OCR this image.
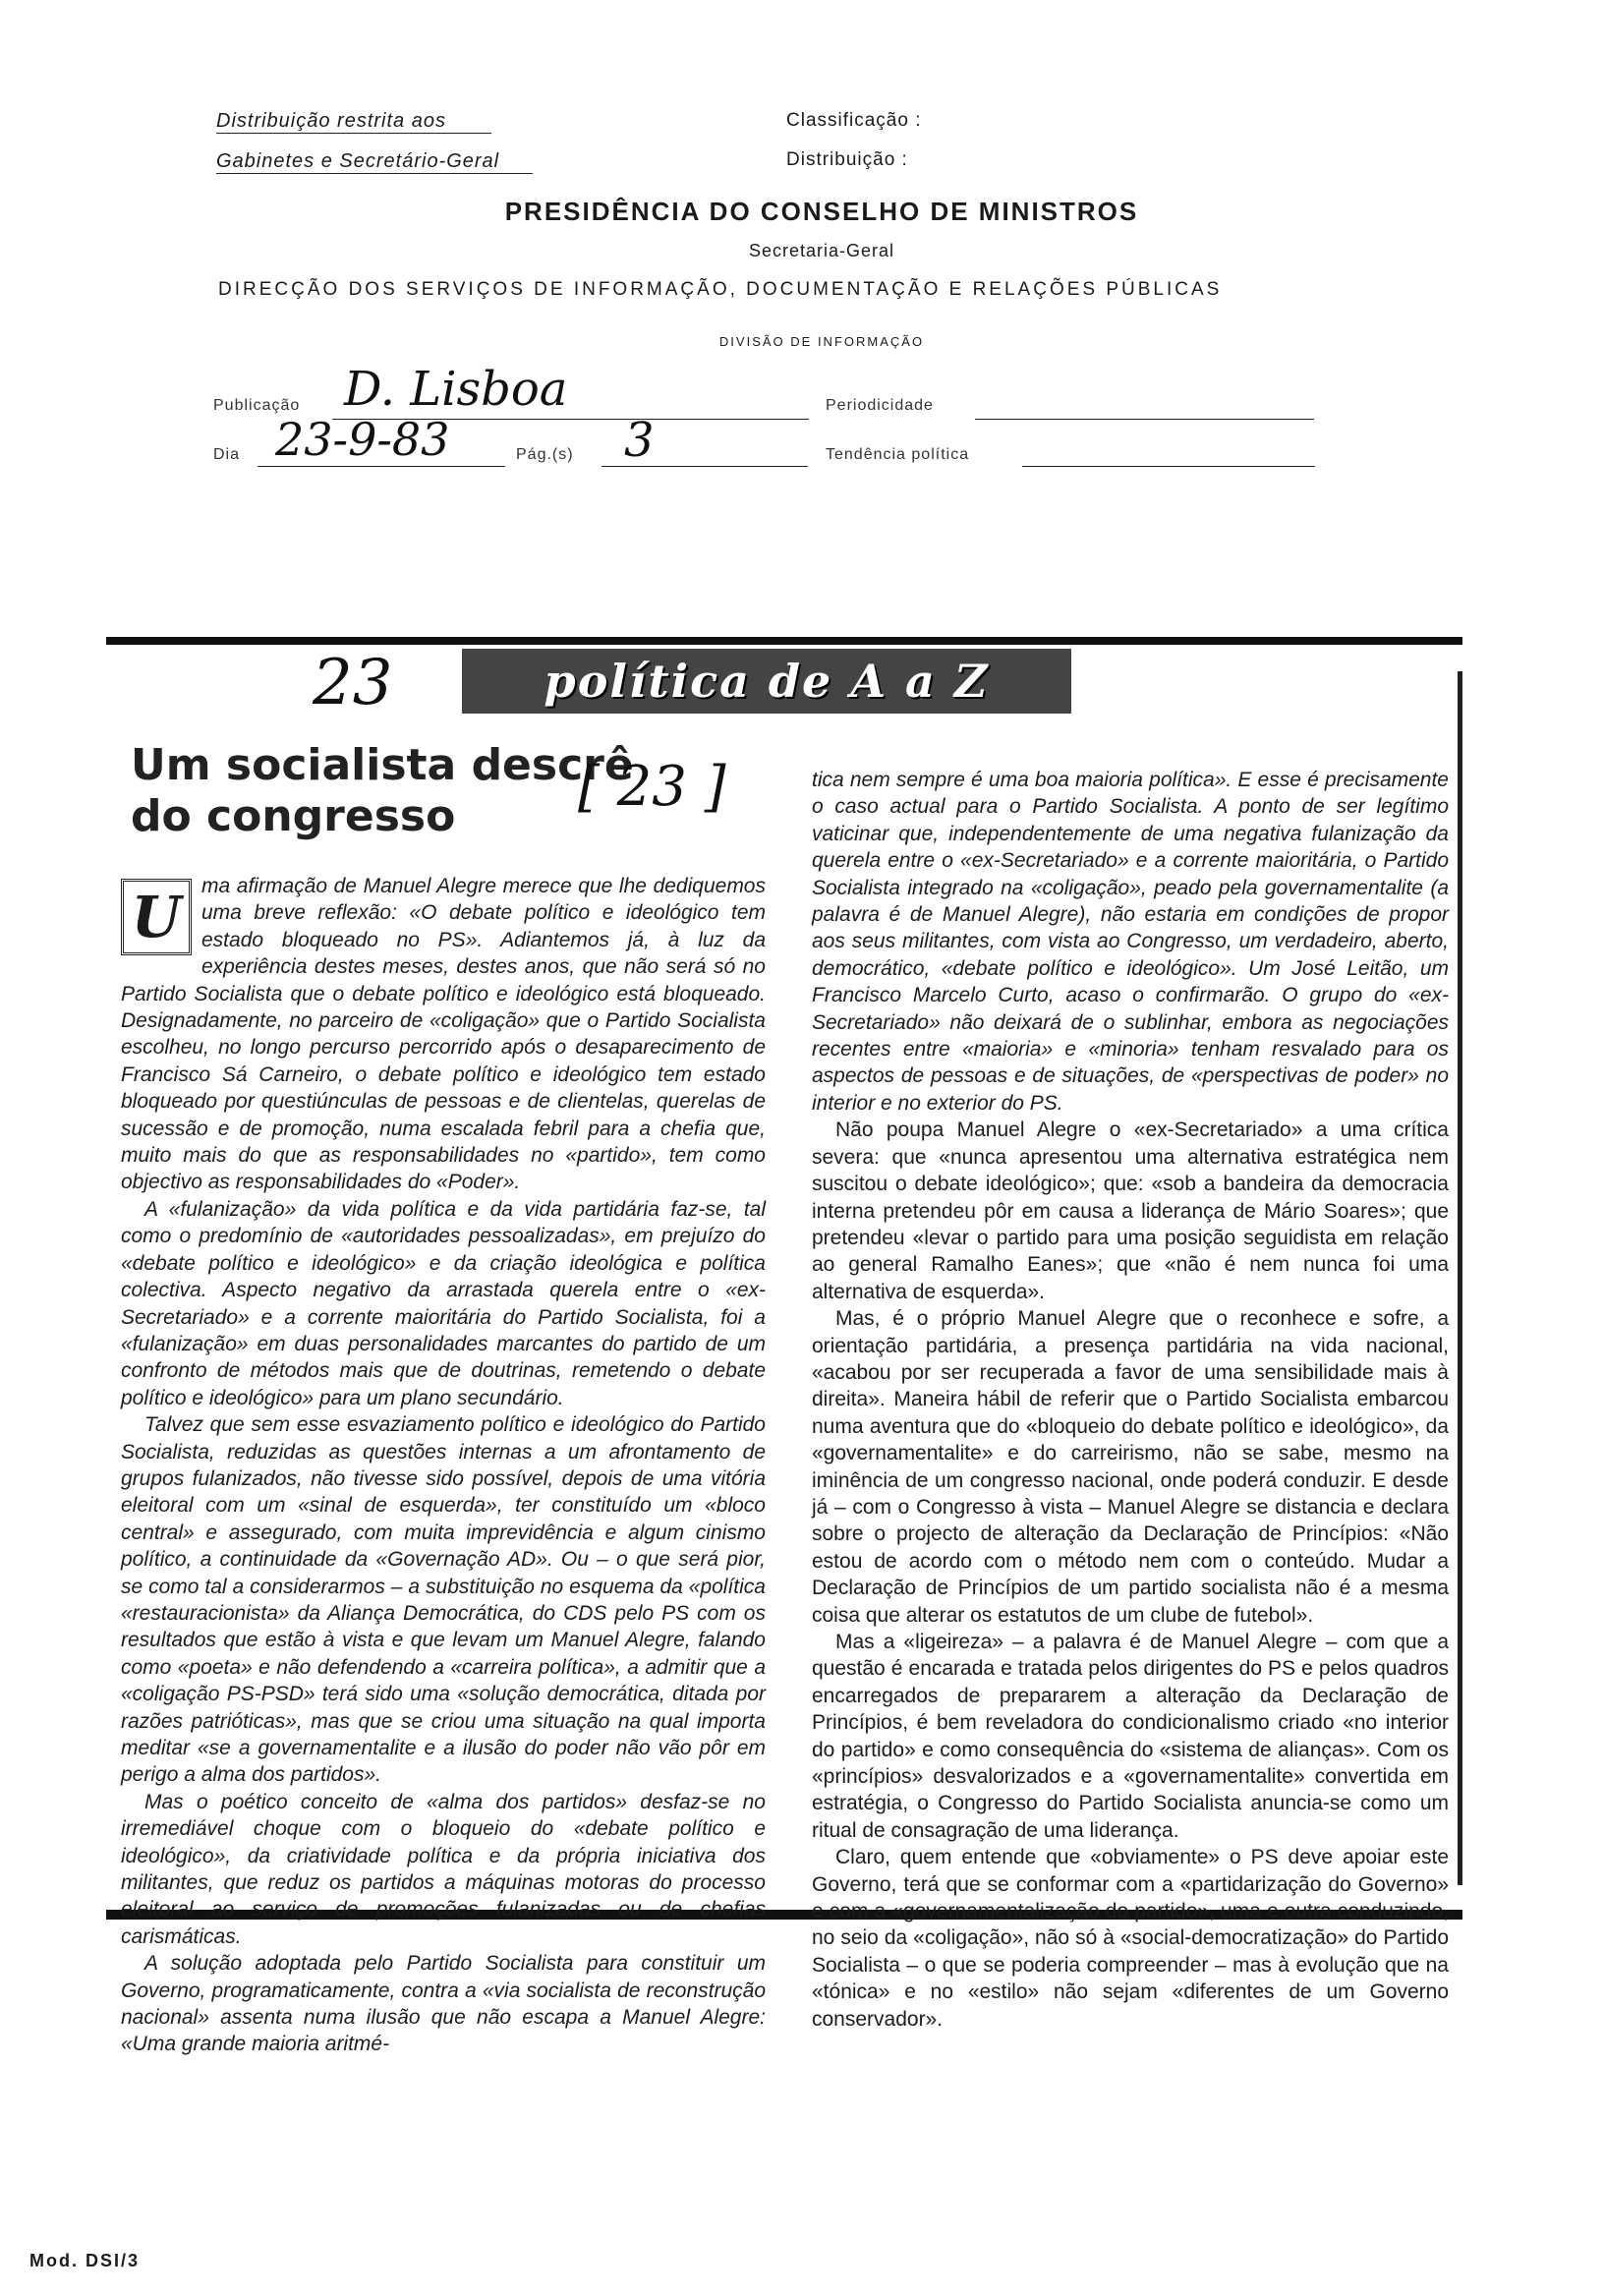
Distribuição restrita aos
Gabinetes e Secretário-Geral
Classificação :
Distribuição :
PRESIDÊNCIA DO CONSELHO DE MINISTROS
Secretaria-Geral
DIRECÇÃO DOS SERVIÇOS DE INFORMAÇÃO, DOCUMENTAÇÃO E RELAÇÕES PÚBLICAS
DIVISÃO DE INFORMAÇÃO
Publicação D. Lisboa	Periodicidade
Dia 23-9-83	Pág.(s) 3	Tendência política
política de A a Z
23
Um socialista descrê do congresso	[ 23 ]

U ma afirmação de Manuel Alegre merece que lhe dediquemos uma breve reflexão: «O debate político e ideológico tem estado bloqueado no PS». Adiantemos já, à luz da experiência destes meses, destes anos, que não será só no Partido Socialista que o debate político e ideológico está bloqueado. Designadamente, no parceiro de «coligação» que o Partido Socialista escolheu, no longo percurso percorrido após o desaparecimento de Francisco Sá Carneiro, o debate político e ideológico tem estado bloqueado por questiúnculas de pessoas e de clientelas, querelas de sucessão e de promoção, numa escalada febril para a chefia que, muito mais do que as responsabilidades no «partido», tem como objectivo as responsabilidades do «Poder».

A «fulanização» da vida política e da vida partidária faz-se, tal como o predomínio de «autoridades pessoalizadas», em prejuízo do «debate político e ideológico» e da criação ideológica e política colectiva. Aspecto negativo da arrastada querela entre o «ex-Secretariado» e a corrente maioritária do Partido Socialista, foi a «fulanização» em duas personalidades marcantes do partido de um confronto de métodos mais que de doutrinas, remetendo o debate político e ideológico» para um plano secundário.

Talvez que sem esse esvaziamento político e ideológico do Partido Socialista, reduzidas as questões internas a um afrontamento de grupos fulanizados, não tivesse sido possível, depois de uma vitória eleitoral com um «sinal de esquerda», ter constituído um «bloco central» e assegurado, com muita imprevidência e algum cinismo político, a continuidade da «Governação AD». Ou – o que será pior, se como tal a considerarmos – a substituição no esquema da «política «restauracionista» da Aliança Democrática, do CDS pelo PS com os resultados que estão à vista e que levam um Manuel Alegre, falando como «poeta» e não defendendo a «carreira política», a admitir que a «coligação PS-PSD» terá sido uma «solução democrática, ditada por razões patrióticas», mas que se criou uma situação na qual importa meditar «se a governamentalite e a ilusão do poder não vão pôr em perigo a alma dos partidos».

Mas o poético conceito de «alma dos partidos» desfaz-se no irremediável choque com o bloqueio do «debate político e ideológico», da criatividade política e da própria iniciativa dos militantes, que reduz os partidos a máquinas motoras do processo eleitoral ao serviço de promoções fulanizadas ou de chefias carismáticas.

A solução adoptada pelo Partido Socialista para constituir um Governo, programaticamente, contra a «via socialista de reconstrução nacional» assenta numa ilusão que não escapa a Manuel Alegre: «Uma grande maioria aritmé-

tica nem sempre é uma boa maioria política». E esse é precisamente o caso actual para o Partido Socialista. A ponto de ser legítimo vaticinar que, independentemente de uma negativa fulanização da querela entre o «ex-Secretariado» e a corrente maioritária, o Partido Socialista integrado na «coligação», peado pela governamentalite (a palavra é de Manuel Alegre), não estaria em condições de propor aos seus militantes, com vista ao Congresso, um verdadeiro, aberto, democrático, «debate político e ideológico». Um José Leitão, um Francisco Marcelo Curto, acaso o confirmarão. O grupo do «ex-Secretariado» não deixará de o sublinhar, embora as negociações recentes entre «maioria» e «minoria» tenham resvalado para os aspectos de pessoas e de situações, de «perspectivas de poder» no interior e no exterior do PS.

Não poupa Manuel Alegre o «ex-Secretariado» a uma crítica severa: que «nunca apresentou uma alternativa estratégica nem suscitou o debate ideológico»; que: «sob a bandeira da democracia interna pretendeu pôr em causa a liderança de Mário Soares»; que pretendeu «levar o partido para uma posição seguidista em relação ao general Ramalho Eanes»; que «não é nem nunca foi uma alternativa de esquerda».

Mas, é o próprio Manuel Alegre que o reconhece e sofre, a orientação partidária, a presença partidária na vida nacional, «acabou por ser recuperada a favor de uma sensibilidade mais à direita». Maneira hábil de referir que o Partido Socialista embarcou numa aventura que do «bloqueio do debate político e ideológico», da «governamentalite» e do carreirismo, não se sabe, mesmo na iminência de um congresso nacional, onde poderá conduzir. E desde já – com o Congresso à vista – Manuel Alegre se distancia e declara sobre o projecto de alteração da Declaração de Princípios: «Não estou de acordo com o método nem com o conteúdo. Mudar a Declaração de Princípios de um partido socialista não é a mesma coisa que alterar os estatutos de um clube de futebol».

Mas a «ligeireza» – a palavra é de Manuel Alegre – com que a questão é encarada e tratada pelos dirigentes do PS e pelos quadros encarregados de prepararem a alteração da Declaração de Princípios, é bem reveladora do condicionalismo criado «no interior do partido» e como consequência do «sistema de alianças». Com os «princípios» desvalorizados e a «governamentalite» convertida em estratégia, o Congresso do Partido Socialista anuncia-se como um ritual de consagração de uma liderança.

Claro, quem entende que «obviamente» o PS deve apoiar este Governo, terá que se conformar com a «partidarização do Governo» e com a «governamentalização do partido», uma e outra conduzindo, no seio da «coligação», não só à «social-democratização» do Partido Socialista – o que se poderia compreender – mas à evolução que na «tónica» e no «estilo» não sejam «diferentes de um Governo conservador».

Mod. DSI/3
